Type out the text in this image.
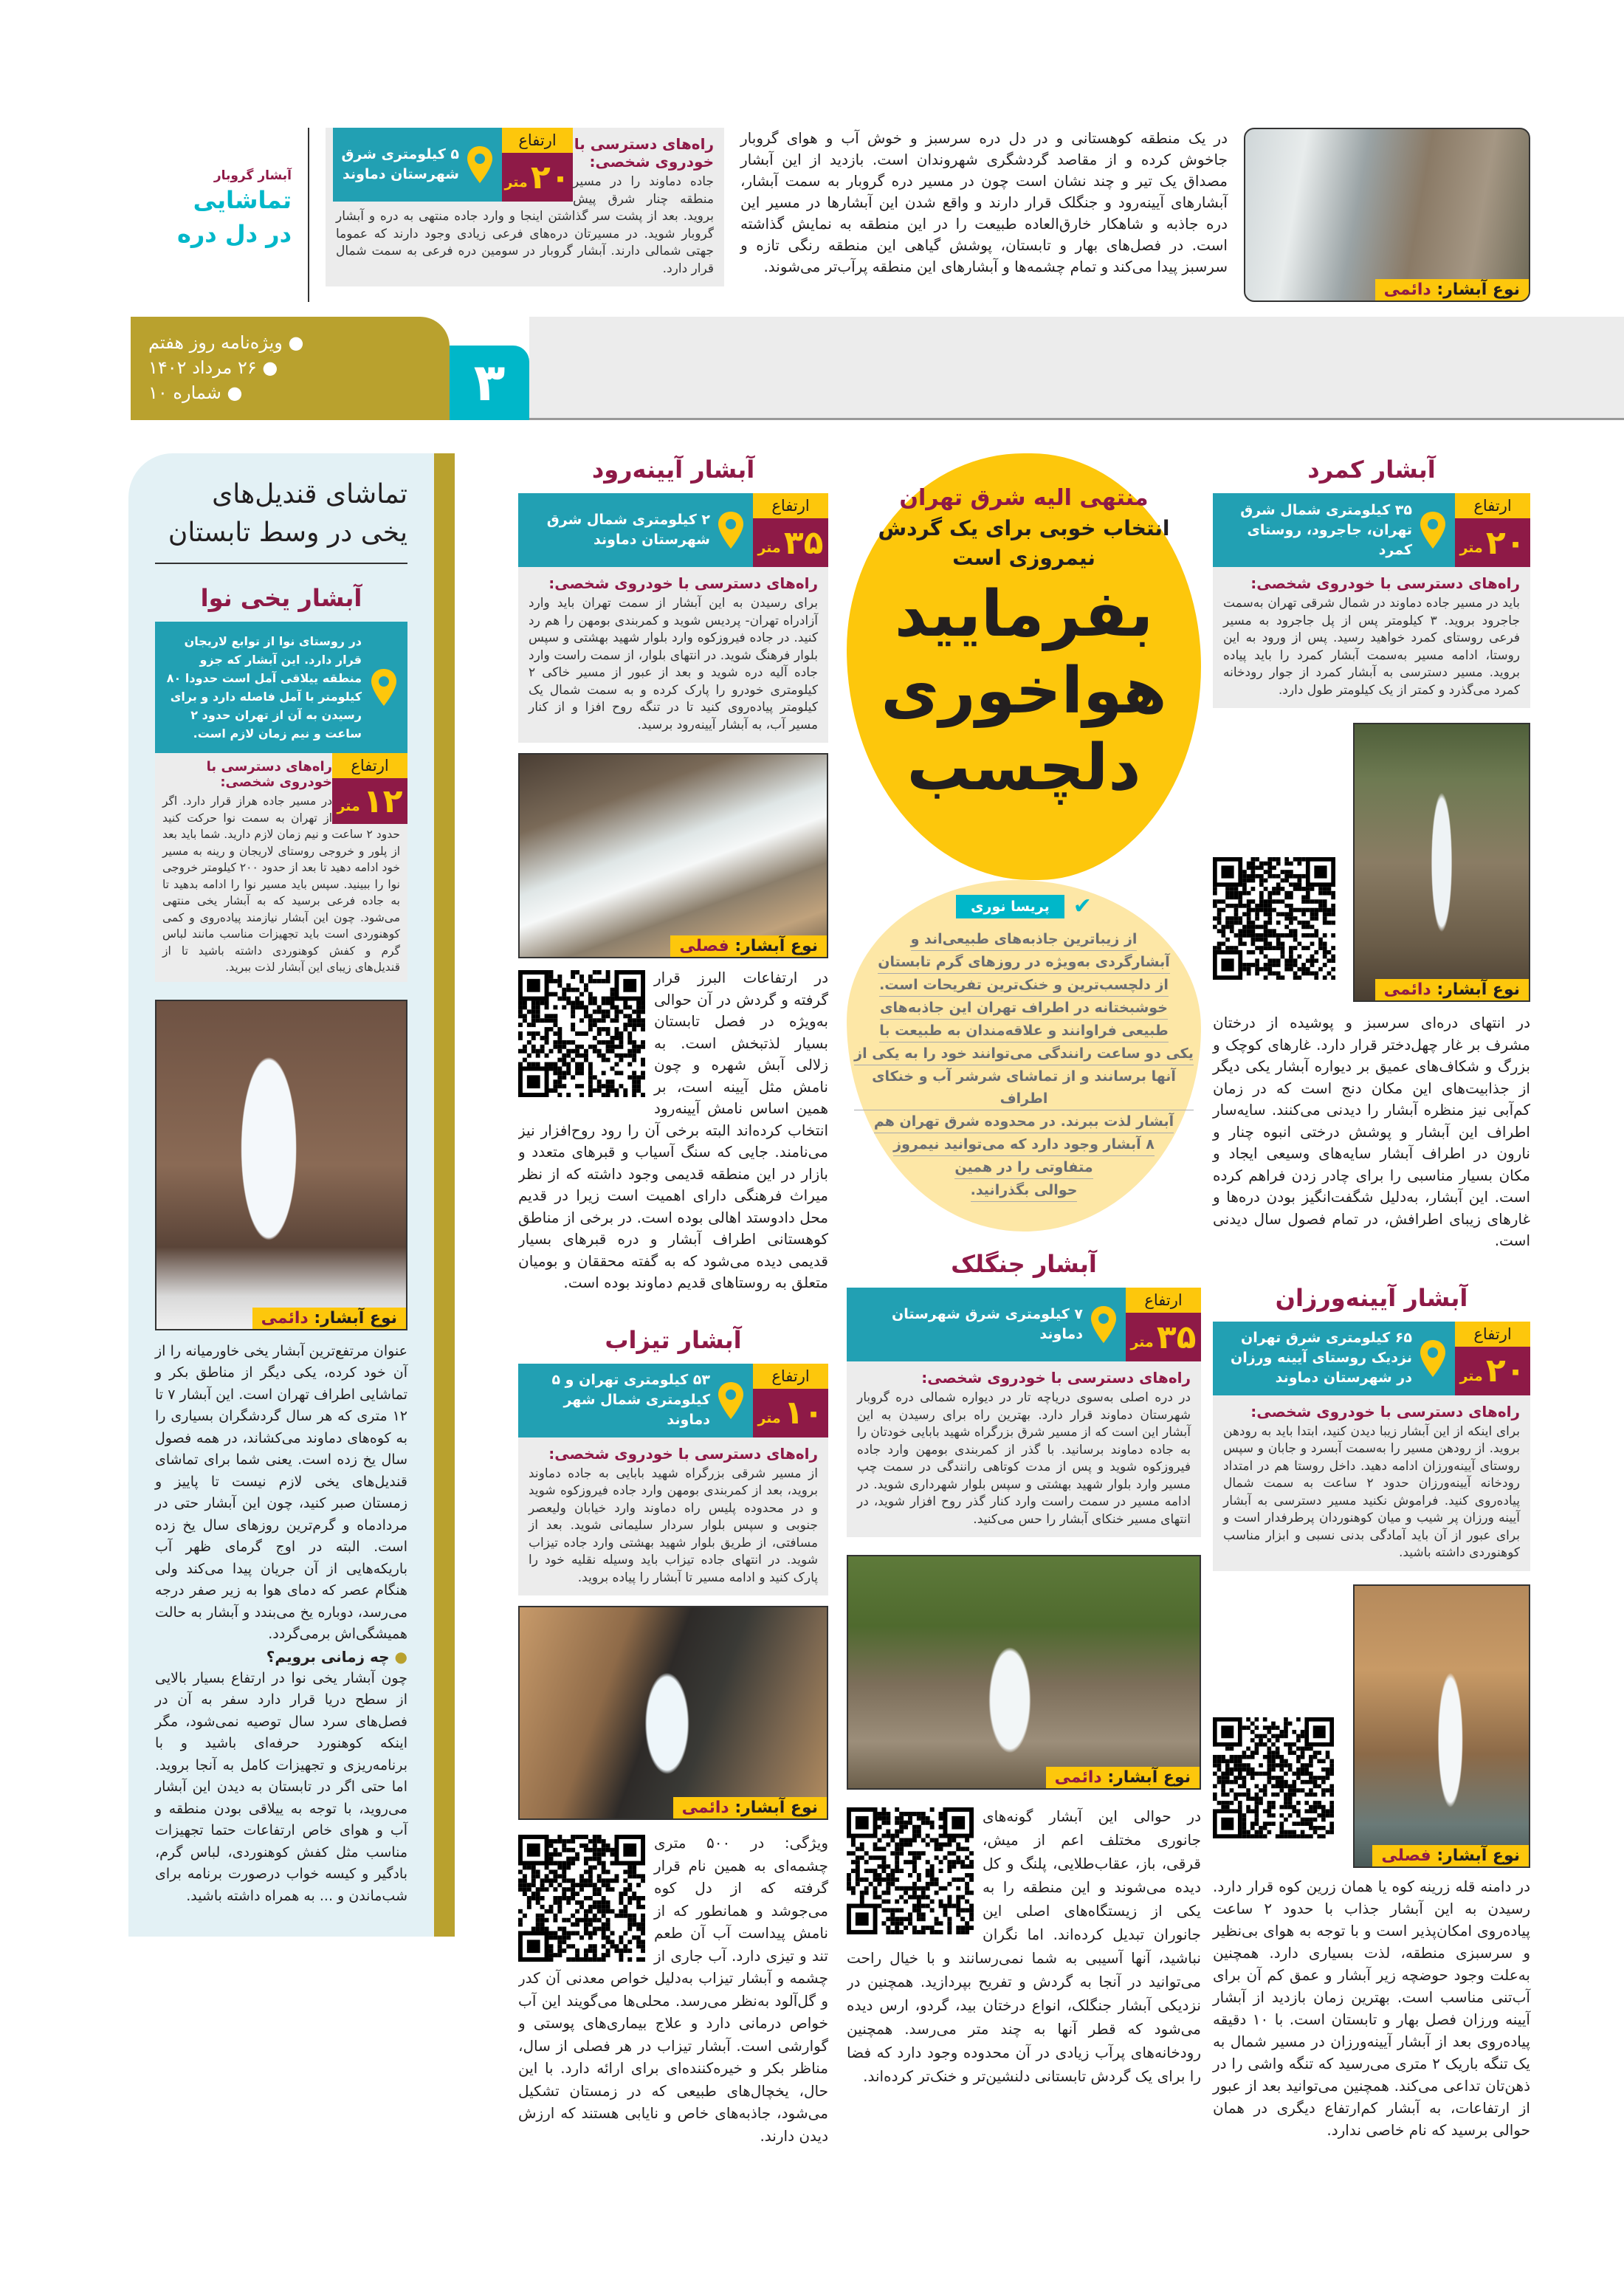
نوع آبشار: دائمی

در یک منطقه کوهستانی و در دل دره سرسبز و خوش آب و هوای گروبار جاخوش کرده و از مقاصد گردشگری شهروندان است. بازدید از این آبشار مصداق یک تیر و چند نشان است چون در مسیر دره گروبار به سمت آبشار، آبشارهای آیینه‌رود و جنگلک قرار دارند و واقع شدن این آبشارها در مسیر این دره جاذبه و شاهکار خارق‌العاده طبیعت را در این منطقه به نمایش گذاشته است. در فصل‌های بهار و تابستان، پوشش گیاهی این منطقه رنگی تازه و سرسبز پیدا می‌کند و تمام چشمه‌ها و آبشارهای این منطقه پرآب‌تر می‌شوند.

ارتفاع
۲۰
متر
۵ کیلومتری شرق شهرستان دماوند
راه‌های دسترسی با خودروی شخصی:

جاده دماوند را در مسیر منطقه چنار شرق پیش بروید. بعد از پشت سر گذاشتن اینجا و وارد جاده منتهی به دره و آبشار گروبار شوید. در مسیرتان دره‌های فرعی زیادی وجود دارند که عموما جهتی شمالی دارند. آبشار گروبار در سومین دره فرعی به سمت شمال قرار دارد.

آبشار گروبار
تماشایی
در دل دره
۳
● ویژه‌نامه روز هفتم
● ۲۶ مرداد ۱۴۰۲
● شماره ۱۰
آبشار کمرد
ارتفاع
۲۰
متر
۳۵ کیلومتری شمال شرق تهران، جاجرود، روستای کمرد
راه‌های دسترسی با خودروی شخصی:

باید در مسیر جاده دماوند در شمال شرقی تهران به‌سمت جاجرود بروید. ۳ کیلومتر پس از پل جاجرود به مسیر فرعی روستای کمرد خواهید رسید. پس از ورود به این روستا، ادامه مسیر به‌سمت آبشار کمرد را باید پیاده بروید. مسیر دسترسی به آبشار کمرد از جوار رودخانه کمرد می‌گذرد و کمتر از یک کیلومتر طول دارد.

نوع آبشار: دائمی

در انتهای دره‌ای سرسبز و پوشیده از درختان مشرف بر غار چهل‌دختر قرار دارد. غارهای کوچک و بزرگ و شکاف‌های عمیق بر دیواره آبشار یکی دیگر از جذابیت‌های این مکان دنج است که در زمان کم‌آبی نیز منظره آبشار را دیدنی می‌کنند. سایه‌سار اطراف این آبشار و پوشش درختی انبوه چنار و نارون در اطراف آبشار سایه‌های وسیعی ایجاد و مکان بسیار مناسبی را برای چادر زدن فراهم کرده است. این آبشار، به‌دلیل شگفت‌انگیز بودن دره‌ها و غارهای زیبای اطرافش، در تمام فصول سال دیدنی است.

آبشار آیینه‌ورزان
ارتفاع
۲۰
متر
۶۵ کیلومتری شرق تهران نزدیک روستای آیینه ورزان در شهرستان دماوند
راه‌های دسترسی با خودروی شخصی:

برای اینکه از این آبشار زیبا دیدن کنید، ابتدا باید به رودهن بروید. از رودهن مسیر را به‌سمت آبسرد و جابان و سپس روستای آیینه‌ورزان ادامه دهید. داخل روستا هم در امتداد رودخانه آیینه‌ورزان حدود ۲ ساعت به سمت شمال پیاده‌روی کنید. فراموش نکنید مسیر دسترسی به آبشار آیینه ورزان پر شیب و میان کوهنوردان پرطرفدار است و برای عبور از آن باید آمادگی بدنی نسبی و ابزار مناسب کوهنوردی داشته باشید.

نوع آبشار: فصلی

در دامنه قله زرینه کوه یا همان زرین کوه قرار دارد. رسیدن به این آبشار جذاب با حدود ۲ ساعت پیاده‌روی امکان‌پذیر است و با توجه به هوای بی‌نظیر و سرسبزی منطقه، لذت بسیاری دارد. همچنین به‌علت وجود حوضچه زیر آبشار و عمق کم آن برای آب‌تنی مناسب است. بهترین زمان بازدید از آبشار آیینه ورزان فصل بهار و تابستان است. با ۱۰ دقیقه پیاده‌روی بعد از آبشار آیینه‌ورزان در مسیر شمال به یک تنگه باریک ۲ متری می‌رسید که تنگه واشی را در ذهن‌تان تداعی می‌کند. همچنین می‌توانید بعد از عبور از ارتفاعات، به آبشار کم‌ارتفاع دیگری در همان حوالی برسید که نام خاصی ندارد.

منتهی الیه شرق تهران
انتخاب خوبی برای یک گردش
نیمروزی است
بفرمایید
هواخوری
دلچسب
✔
پریسا نوری
از زیباترین جاذبه‌های طبیعی‌اند و
آبشارگردی به‌ویژه در روزهای گرم تابستان
از دلچسب‌ترین و خنک‌ترین تفریحات است.
خوشبختانه در اطراف تهران این جاذبه‌های
طبیعی فراوانند و علاقه‌مندان به طبیعت با
یکی دو ساعت رانندگی می‌توانند خود را به یکی از
آنها برسانند و از تماشای شرشر آب و خنکای اطراف
آبشار لذت ببرند. در محدوده شرق تهران هم
۸ آبشار وجود دارد که می‌توانید نیمروز
متفاوتی را در همین
حوالی بگذرانید.
آبشار جنگلک
ارتفاع
۳۵
متر
۷ کیلومتری شرق شهرستان دماوند
راه‌های دسترسی با خودروی شخصی:

در دره اصلی به‌سوی دریاچه تار در دیواره شمالی دره گروبار شهرستان دماوند قرار دارد. بهترین راه برای رسیدن به این آبشار این است که از مسیر شرق بزرگراه شهید بابایی خودتان را به جاده دماوند برسانید. با گذر از کمربندی بومهن وارد جاده فیروزکوه شوید و پس از مدت کوتاهی رانندگی در سمت چپ مسیر وارد بلوار شهید بهشتی و سپس بلوار شهرداری شوید. در ادامه مسیر در سمت راست وارد کنار گذر روح افزار شوید، در انتهای مسیر خنکای آبشار را حس می‌کنید.

نوع آبشار: دائمی

در حوالی این آبشار گونه‌های جانوری مختلف اعم از میش، قرقی، باز، عقاب‌طلایی، پلنگ و کل دیده می‌شوند و این منطقه را به یکی از زیستگاه‌های اصلی این جانوران تبدیل کرده‌اند. اما نگران نباشید، آنها آسیبی به شما نمی‌رسانند و با خیال راحت می‌توانید در آنجا به گردش و تفریح بپردازید. همچنین در نزدیکی آبشار جنگلک، انواع درختان بید، گردو، ارس دیده می‌شود که قطر آنها به چند متر می‌رسد. همچنین رودخانه‌های پرآب زیادی در آن محدوده وجود دارد که فضا را برای یک گردش تابستانی دلنشین‌تر و خنک‌تر کرده‌اند.

آبشار آیینه‌رود
ارتفاع
۳۵
متر
۲ کیلومتری شمال شرق شهرستان دماوند
راه‌های دسترسی با خودروی شخصی:

برای رسیدن به این آبشار از سمت تهران باید وارد آزادراه تهران- پردیس شوید و کمربندی بومهن را هم رد کنید. در جاده فیروزکوه وارد بلوار شهید بهشتی و سپس بلوار فرهنگ شوید. در انتهای بلوار، از سمت راست وارد جاده آلیه دره شوید و بعد از عبور از مسیر خاکی ۲ کیلومتری خودرو را پارک کرده و به سمت شمال یک کیلومتر پیاده‌روی کنید تا در تنگه روح افزا و از کنار مسیر آب، به آبشار آیینه‌رود برسید.

نوع آبشار: فصلی

در ارتفاعات البرز قرار گرفته و گردش در آن حوالی به‌ویژه در فصل تابستان بسیار لذتبخش است. به زلالی آبش شهره و چون نامش مثل آیینه است، بر همین اساس نامش آیینه‌رود انتخاب کرده‌اند البته برخی آن را رود روح‌افزار نیز می‌نامند. جایی که سنگ آسیاب و قبرهای متعدد و بازار در این منطقه قدیمی وجود داشته که از نظر میراث فرهنگی دارای اهمیت است زیرا در قدیم محل دادوستد اهالی بوده است. در برخی از مناطق کوهستانی اطراف آبشار و دره قبرهای بسیار قدیمی دیده می‌شود که به گفته محققان و بومیان متعلق به روستاهای قدیم دماوند بوده است.

آبشار تیزاب
ارتفاع
۱۰
متر
۵۳ کیلومتری تهران و ۵ کیلومتری شمال شهر دماوند
راه‌های دسترسی با خودروی شخصی:

از مسیر شرقی بزرگراه شهید بابایی به جاده دماوند بروید، بعد از کمربندی بومهن وارد جاده فیروزکوه شوید و در محدوده پلیس راه دماوند وارد خیابان ولیعصر جنوبی و سپس بلوار سردار سلیمانی شوید. بعد از مسافتی، از طریق بلوار شهید بهشتی وارد جاده تیزاب شوید. در انتهای جاده تیزاب باید وسیله نقلیه خود را پارک کنید و ادامه مسیر تا آبشار را پیاده بروید.

نوع آبشار: دائمی

ویژگی: در ۵۰۰ متری چشمه‌ای به همین نام قرار گرفته که از دل کوه می‌جوشد و همانطور که از نامش پیداست آب آن طعم تند و تیزی دارد. آب جاری از چشمه و آبشار تیزاب به‌دلیل خواص معدنی آن کدر و گل‌آلود به‌نظر می‌رسد. محلی‌ها می‌گویند این آب خواص درمانی دارد و علاج بیماری‌های پوستی و گوارشی است. آبشار تیزاب در هر فصلی از سال، مناظر بکر و خیره‌کننده‌ای برای ارائه دارد. با این حال، یخچال‌های طبیعی که در زمستان تشکیل می‌شود، جاذبه‌های خاص و نایابی هستند که ارزش دیدن دارند.

تماشای قندیل‌های
یخی در وسط تابستان
آبشار یخی نوا
در روستای نوا از توابع لاریجان قرار دارد. این آبشار که جزو منطقه ییلاقی آمل است حدودا ۸۰ کیلومتر با آمل فاصله دارد و برای رسیدن به آن از تهران حدود ۲ ساعت و نیم زمان لازم است.
ارتفاع
۱۲
متر
راه‌های دسترسی با خودروی شخصی:

در مسیر جاده هراز قرار دارد. اگر از تهران به سمت نوا حرکت کنید حدود ۲ ساعت و نیم زمان لازم دارید. شما باید بعد از پلور و خروجی روستای لاریجان و رینه به مسیر خود ادامه دهید تا بعد از حدود ۲۰۰ کیلومتر خروجی نوا را ببینید. سپس باید مسیر نوا را ادامه بدهید تا به جاده فرعی برسید که به آبشار یخی منتهی می‌شود. چون این آبشار نیازمند پیاده‌روی و کمی کوهنوردی است باید تجهیزات مناسب مانند لباس گرم و کفش کوهنوردی داشته باشید تا از قندیل‌های زیبای این آبشار لذت ببرید.

نوع آبشار: دائمی

عنوان مرتفع‌ترین آبشار یخی خاورمیانه را از آن خود کرده، یکی دیگر از مناطق بکر و تماشایی اطراف تهران است. این آبشار ۷ تا ۱۲ متری که هر سال گردشگران بسیاری را به کوه‌های دماوند می‌کشاند، در همه فصول سال یخ زده است. یعنی شما برای تماشای قندیل‌های یخی لازم نیست تا پاییز و زمستان صبر کنید، چون این آبشار حتی در مردادماه و گرم‌ترین روزهای سال یخ زده است. البته در اوج گرمای ظهر آب باریکه‌هایی از آن جریان پیدا می‌کند ولی هنگام عصر که دمای هوا به زیر صفر درجه می‌رسد، دوباره یخ می‌بندد و آبشار به حالت همیشگی‌اش برمی‌گردد.

● چه زمانی برویم؟

چون آبشار یخی نوا در ارتفاع بسیار بالایی از سطح دریا قرار دارد سفر به آن در فصل‌های سرد سال توصیه نمی‌شود، مگر اینکه کوهنورد حرفه‌ای باشید و با برنامه‌ریزی و تجهیزات کامل به آنجا بروید. اما حتی اگر در تابستان به دیدن این آبشار می‌روید، با توجه به ییلاقی بودن منطقه و آب و هوای خاص ارتفاعات حتما تجهیزات مناسب مثل کفش کوهنوردی، لباس گرم، بادگیر و کیسه خواب درصورت برنامه برای شب‌ماندن و ... به همراه داشته باشید.
